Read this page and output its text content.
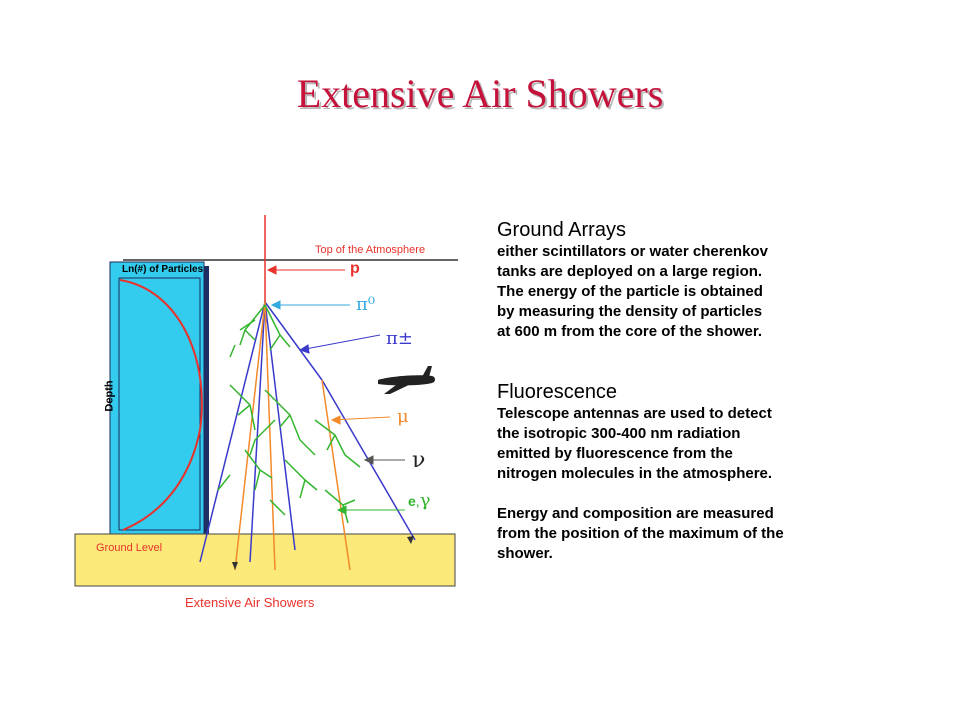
Extensive Air Showers
Top of the Atmosphere
Ln(#) of Particles
Depth
Ground Level
Extensive Air Showers
p
π⁰
π±
μ
ν
e,γ
Ground Arrays

either scintillators or water cherenkov

tanks are deployed on a large region.

The energy of the particle is obtained

by measuring the density of particles

at 600 m from the core of the shower.

Fluorescence

Telescope antennas are used to detect

the isotropic 300-400 nm radiation

emitted by fluorescence from the

nitrogen molecules in the atmosphere.

Energy and composition are measured

from the position of the maximum of the

shower.
